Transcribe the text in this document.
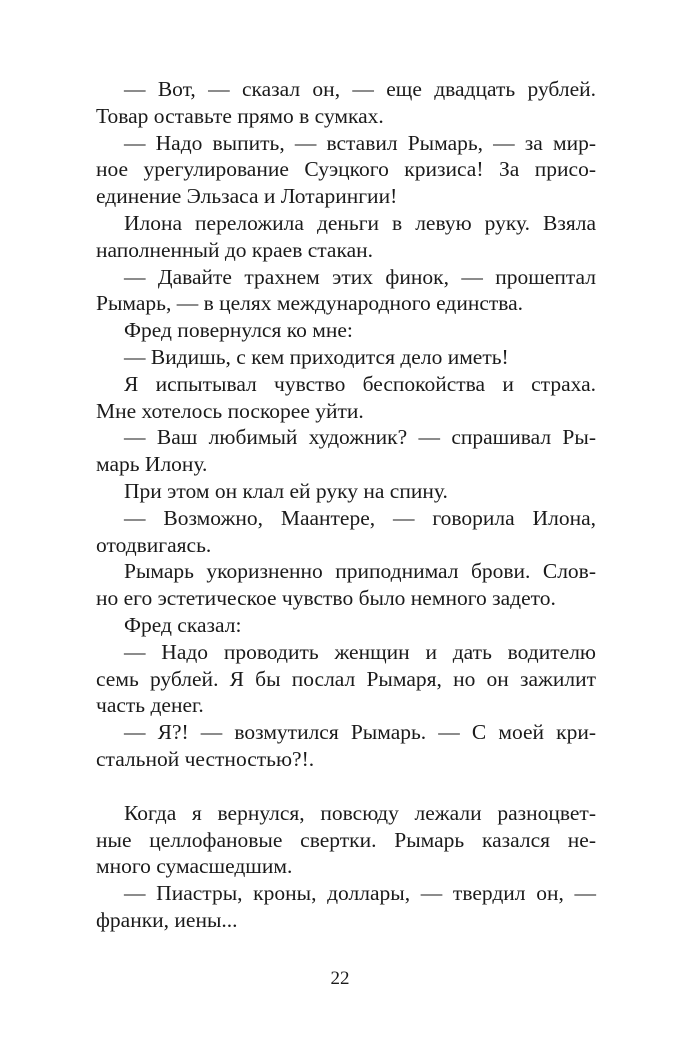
— Вот, — сказал он, — еще двадцать рублей.
Товар оставьте прямо в сумках.
— Надо выпить, — вставил Рымарь, — за мир-
ное урегулирование Суэцкого кризиса! За присо-
единение Эльзаса и Лотарингии!
Илона переложила деньги в левую руку. Взяла
наполненный до краев стакан.
— Давайте трахнем этих финок, — прошептал
Рымарь, — в целях международного единства.
Фред повернулся ко мне:
— Видишь, с кем приходится дело иметь!
Я испытывал чувство беспокойства и страха.
Мне хотелось поскорее уйти.
— Ваш любимый художник? — спрашивал Ры-
марь Илону.
При этом он клал ей руку на спину.
— Возможно, Маантере, — говорила Илона,
отодвигаясь.
Рымарь укоризненно приподнимал брови. Слов-
но его эстетическое чувство было немного задето.
Фред сказал:
— Надо проводить женщин и дать водителю
семь рублей. Я бы послал Рымаря, но он зажилит
часть денег.
— Я?! — возмутился Рымарь. — С моей кри-
стальной честностью?!.
Когда я вернулся, повсюду лежали разноцвет-
ные целлофановые свертки. Рымарь казался не-
много сумасшедшим.
— Пиастры, кроны, доллары, — твердил он, —
франки, иены...
22
